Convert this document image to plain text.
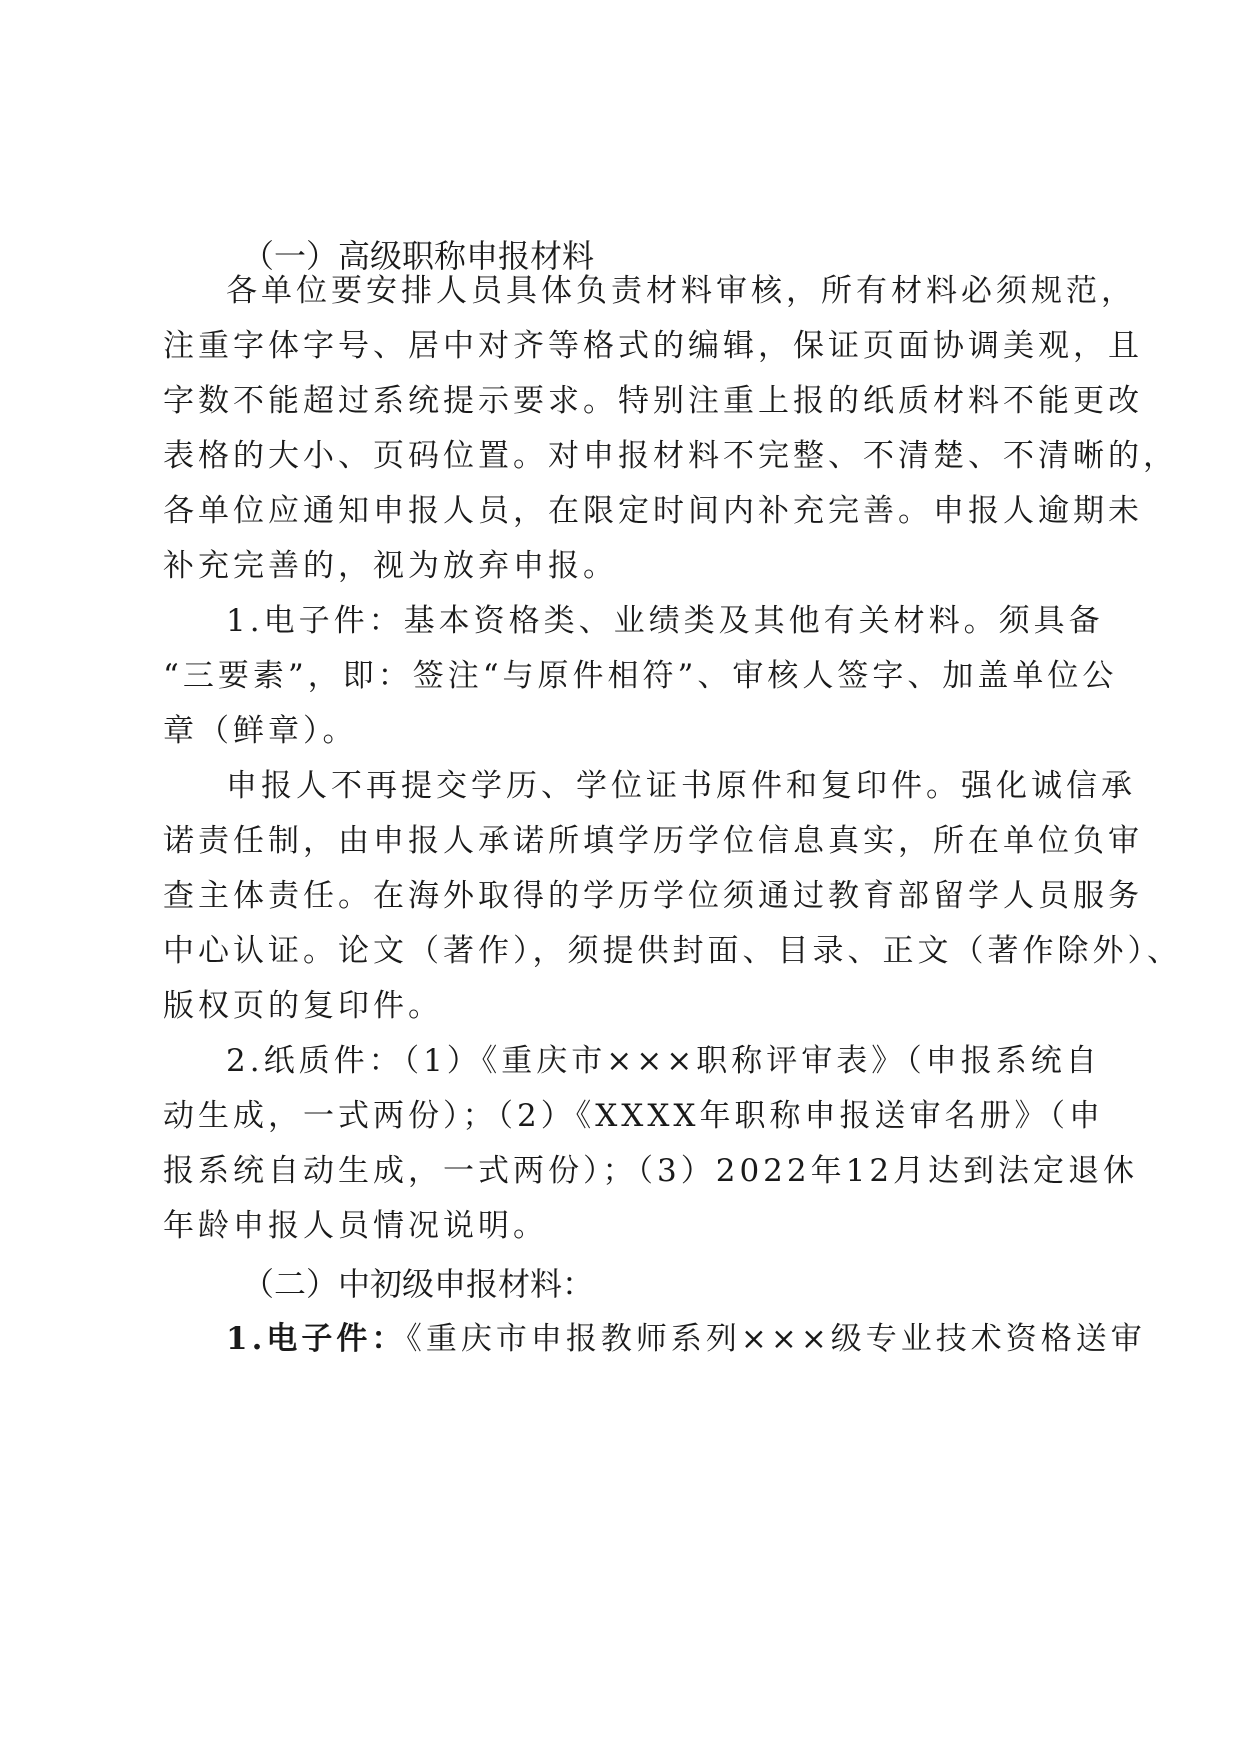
（一）高级职称申报材料
各单位要安排人员具体负责材料审核，所有材料必须规范，
注重字体字号、居中对齐等格式的编辑，保证页面协调美观，且
字数不能超过系统提示要求。特别注重上报的纸质材料不能更改
表格的大小、页码位置。对申报材料不完整、不清楚、不清晰的，
各单位应通知申报人员，在限定时间内补充完善。申报人逾期未
补充完善的，视为放弃申报。
1.电子件：基本资格类、业绩类及其他有关材料。须具备
“三要素”，即：签注“与原件相符”、审核人签字、加盖单位公
章（鲜章）。
申报人不再提交学历、学位证书原件和复印件。强化诚信承
诺责任制，由申报人承诺所填学历学位信息真实，所在单位负审
查主体责任。在海外取得的学历学位须通过教育部留学人员服务
中心认证。论文（著作），须提供封面、目录、正文（著作除外）、
版权页的复印件。
2.纸质件：（1）《重庆市×××职称评审表》（申报系统自
动生成，一式两份）；（2）《XXXX年职称申报送审名册》（申
报系统自动生成，一式两份）；（3）2022年12月达到法定退休
年龄申报人员情况说明。
（二）中初级申报材料：
1.电子件：《重庆市申报教师系列×××级专业技术资格送审
